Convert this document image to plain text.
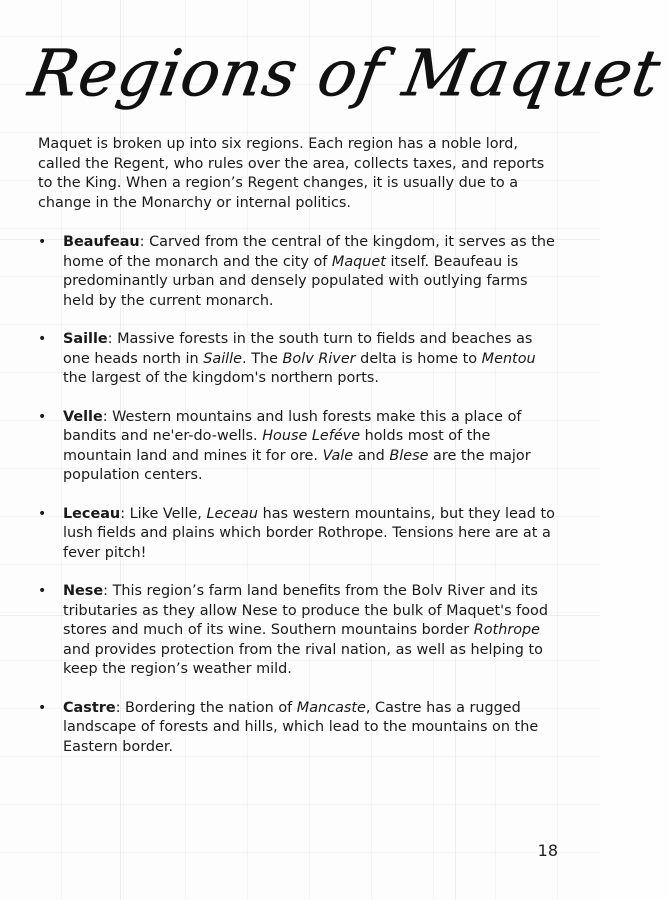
Regions of Maquet

Maquet is broken up into six regions. Each region has a noble lord, called the Regent, who rules over the area, collects taxes, and reports to the King. When a region’s Regent changes, it is usually due to a change in the Monarchy or internal politics.

• Beaufeau: Carved from the central of the kingdom, it serves as the home of the monarch and the city of Maquet itself. Beaufeau is predominantly urban and densely populated with outlying farms held by the current monarch.
• Saille: Massive forests in the south turn to fields and beaches as one heads north in Saille. The Bolv River delta is home to Mentou the largest of the kingdom's northern ports.
• Velle: Western mountains and lush forests make this a place of bandits and ne'er-do-wells. House Leféve holds most of the mountain land and mines it for ore. Vale and Blese are the major population centers.
• Leceau: Like Velle, Leceau has western mountains, but they lead to lush fields and plains which border Rothrope. Tensions here are at a fever pitch!
• Nese: This region’s farm land benefits from the Bolv River and its tributaries as they allow Nese to produce the bulk of Maquet's food stores and much of its wine. Southern mountains border Rothrope and provides protection from the rival nation, as well as helping to keep the region’s weather mild.
• Castre: Bordering the nation of Mancaste, Castre has a rugged landscape of forests and hills, which lead to the mountains on the Eastern border.
18
